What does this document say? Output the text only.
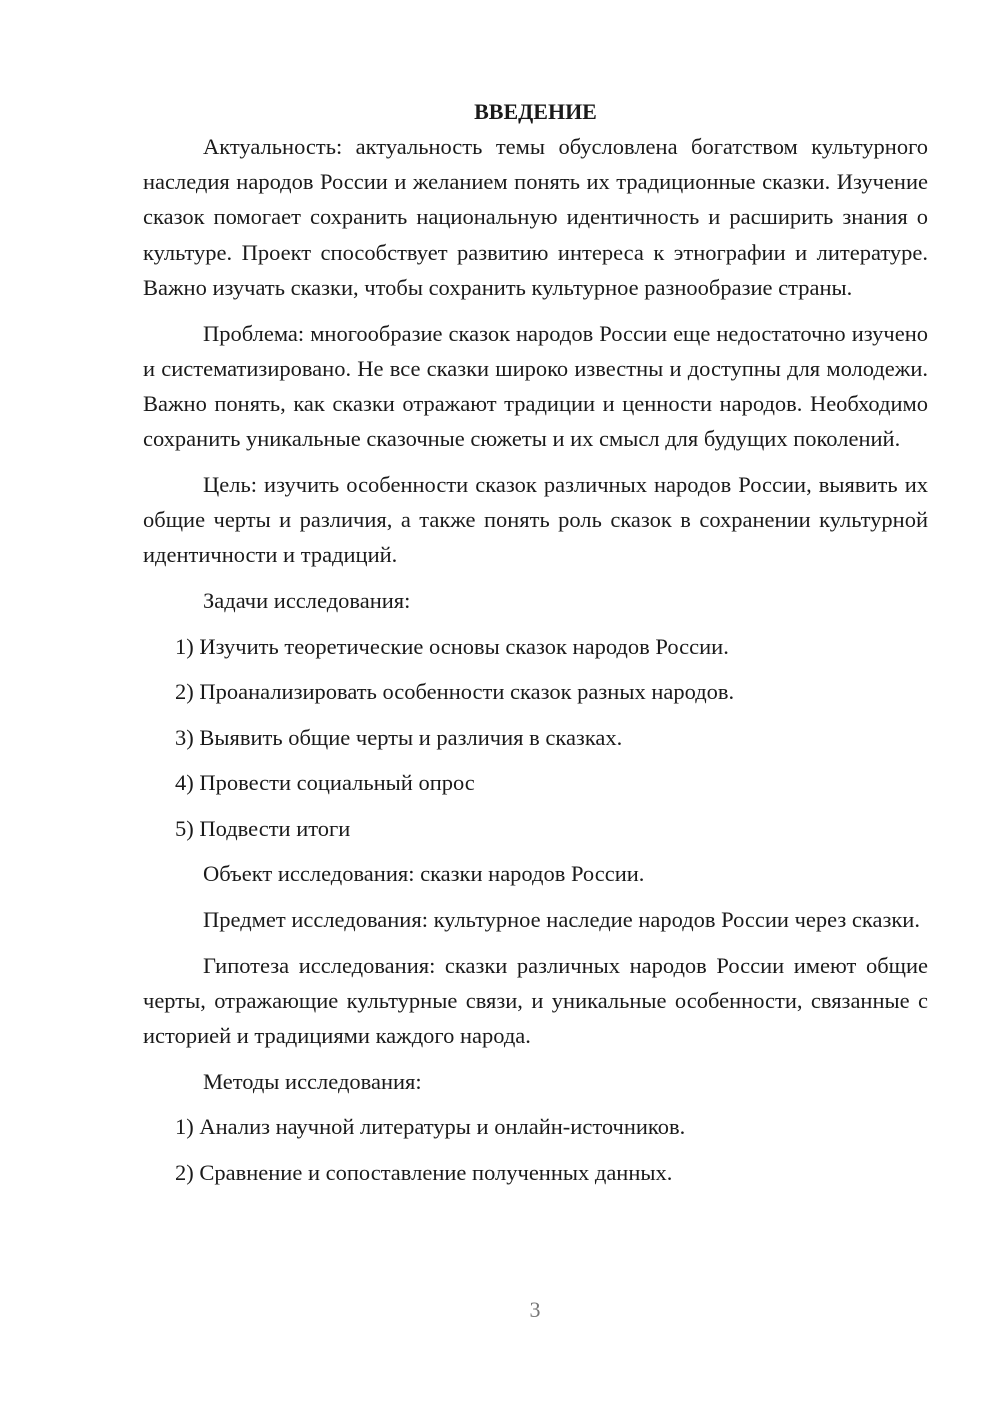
ВВЕДЕНИЕ

Актуальность: актуальность темы обусловлена богатством культурного наследия народов России и желанием понять их традиционные сказки. Изучение сказок помогает сохранить национальную идентичность и расширить знания о культуре. Проект способствует развитию интереса к этнографии и литературе. Важно изучать сказки, чтобы сохранить культурное разнообразие страны.

Проблема: многообразие сказок народов России еще недостаточно изучено и систематизировано. Не все сказки широко известны и доступны для молодежи. Важно понять, как сказки отражают традиции и ценности народов. Необходимо сохранить уникальные сказочные сюжеты и их смысл для будущих поколений.

Цель: изучить особенности сказок различных народов России, выявить их общие черты и различия, а также понять роль сказок в сохранении культурной идентичности и традиций.

Задачи исследования:

1) Изучить теоретические основы сказок народов России.
2) Проанализировать особенности сказок разных народов.
3) Выявить общие черты и различия в сказках.
4) Провести социальный опрос
5) Подвести итоги

Объект исследования: сказки народов России.

Предмет исследования: культурное наследие народов России через сказки.

Гипотеза исследования: сказки различных народов России имеют общие черты, отражающие культурные связи, и уникальные особенности, связанные с историей и традициями каждого народа.

Методы исследования:

1) Анализ научной литературы и онлайн-источников.
2) Сравнение и сопоставление полученных данных.
3
